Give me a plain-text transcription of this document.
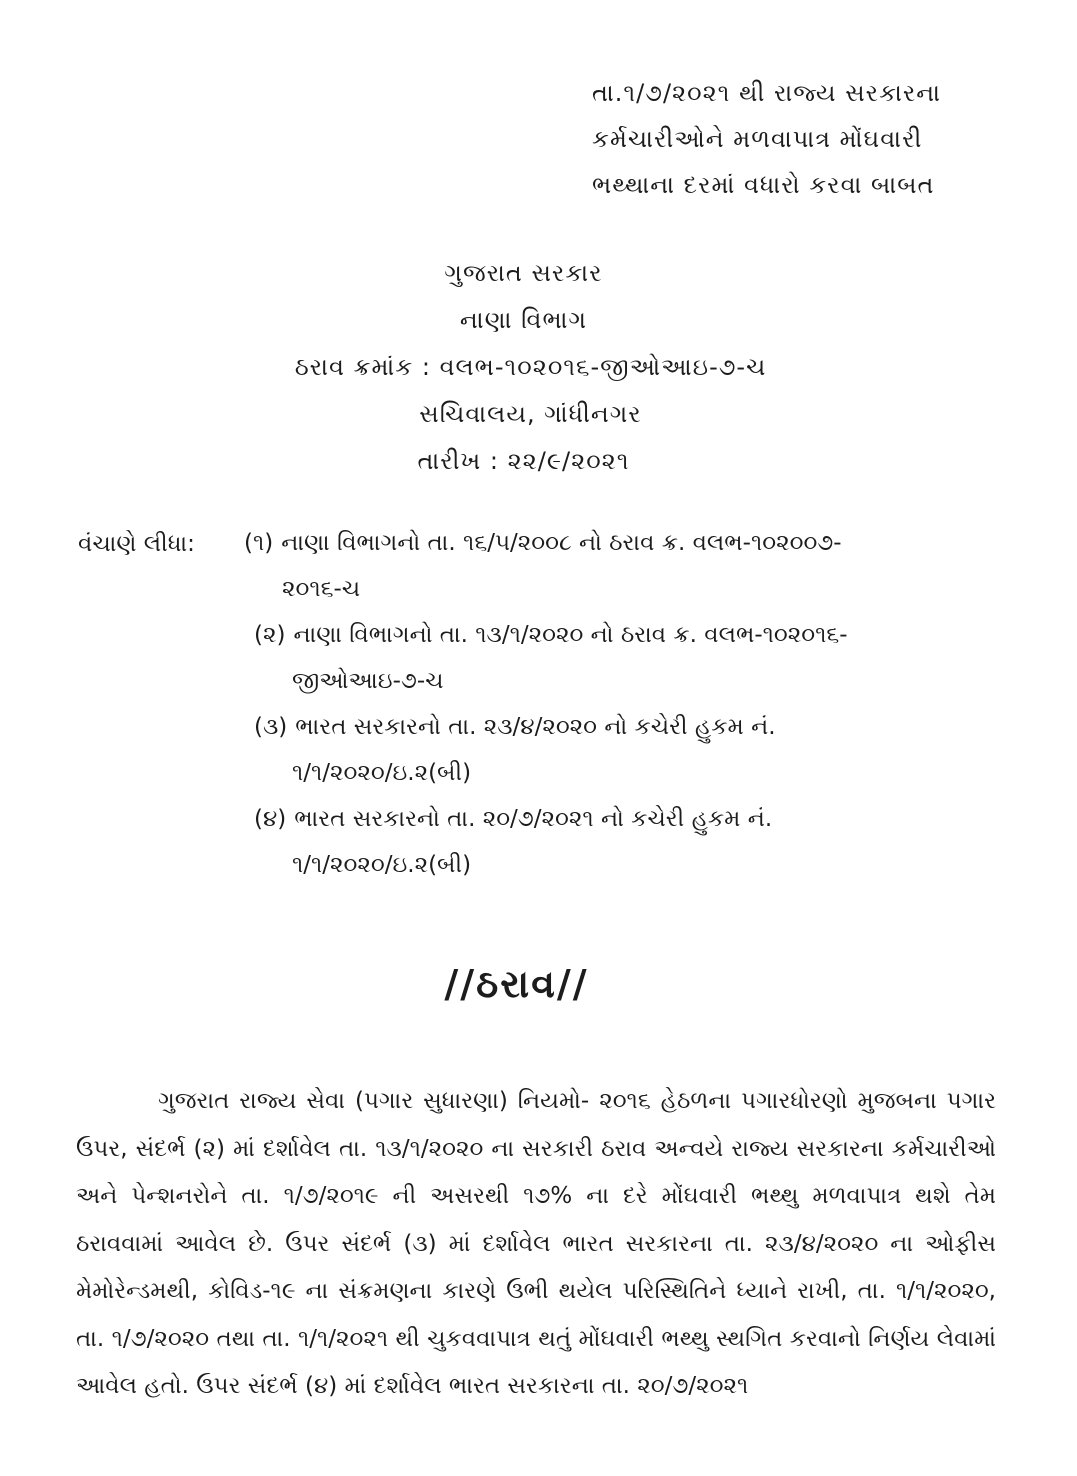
તા.૧/૭/૨૦૨૧ થી રાજ્ય સરકારના
કર્મચારીઓને મળવાપાત્ર મોંઘવારી
ભથ્થાના દરમાં વધારો કરવા બાબત
ગુજરાત સરકાર
નાણા વિભાગ
ઠરાવ ક્રમાંક : વલભ-૧૦૨૦૧૬-જીઓઆઇ-૭-ચ
સચિવાલય, ગાંધીનગર
તારીખ : ૨૨/૯/૨૦૨૧
વંચાણે લીધા: (૧) નાણા વિભાગનો તા. ૧૬/૫/૨૦૦૮ નો ઠરાવ ક્ર. વલભ-૧૦૨૦૦૭-
૨૦૧૬-ચ
(૨) નાણા વિભાગનો તા. ૧૩/૧/૨૦૨૦ નો ઠરાવ ક્ર. વલભ-૧૦૨૦૧૬-
જીઓઆઇ-૭-ચ
(૩) ભારત સરકારનો તા. ૨૩/૪/૨૦૨૦ નો કચેરી હુકમ નં.
૧/૧/૨૦૨૦/ઇ.૨(બી)
(૪) ભારત સરકારનો તા. ૨૦/૭/૨૦૨૧ નો કચેરી હુકમ નં.
૧/૧/૨૦૨૦/ઇ.૨(બી)
//ઠરાવ//

ગુજરાત રાજ્ય સેવા (પગાર સુધારણા) નિયમો- ૨૦૧૬ હેઠળના પગારધોરણો મુજબના પગાર ઉપર, સંદર્ભ (૨) માં દર્શાવેલ તા. ૧૩/૧/૨૦૨૦ ના સરકારી ઠરાવ અન્વયે રાજ્ય સરકારના કર્મચારીઓ અને પેન્શનરોને તા. ૧/૭/૨૦૧૯ ની અસરથી ૧૭% ના દરે મોંઘવારી ભથ્થુ મળવાપાત્ર થશે તેમ ઠરાવવામાં આવેલ છે. ઉપર સંદર્ભ (૩) માં દર્શાવેલ ભારત સરકારના તા. ૨૩/૪/૨૦૨૦ ના ઓફીસ મેમોરેન્ડમથી, કોવિડ-૧૯ ના સંક્રમણના કારણે ઉભી થયેલ પરિસ્થિતિને ધ્યાને રાખી, તા. ૧/૧/૨૦૨૦, તા. ૧/૭/૨૦૨૦ તથા તા. ૧/૧/૨૦૨૧ થી ચુકવવાપાત્ર થતું મોંઘવારી ભથ્થુ સ્થગિત કરવાનો નિર્ણય લેવામાં આવેલ હતો. ઉપર સંદર્ભ (૪) માં દર્શાવેલ ભારત સરકારના તા. ૨૦/૭/૨૦૨૧
